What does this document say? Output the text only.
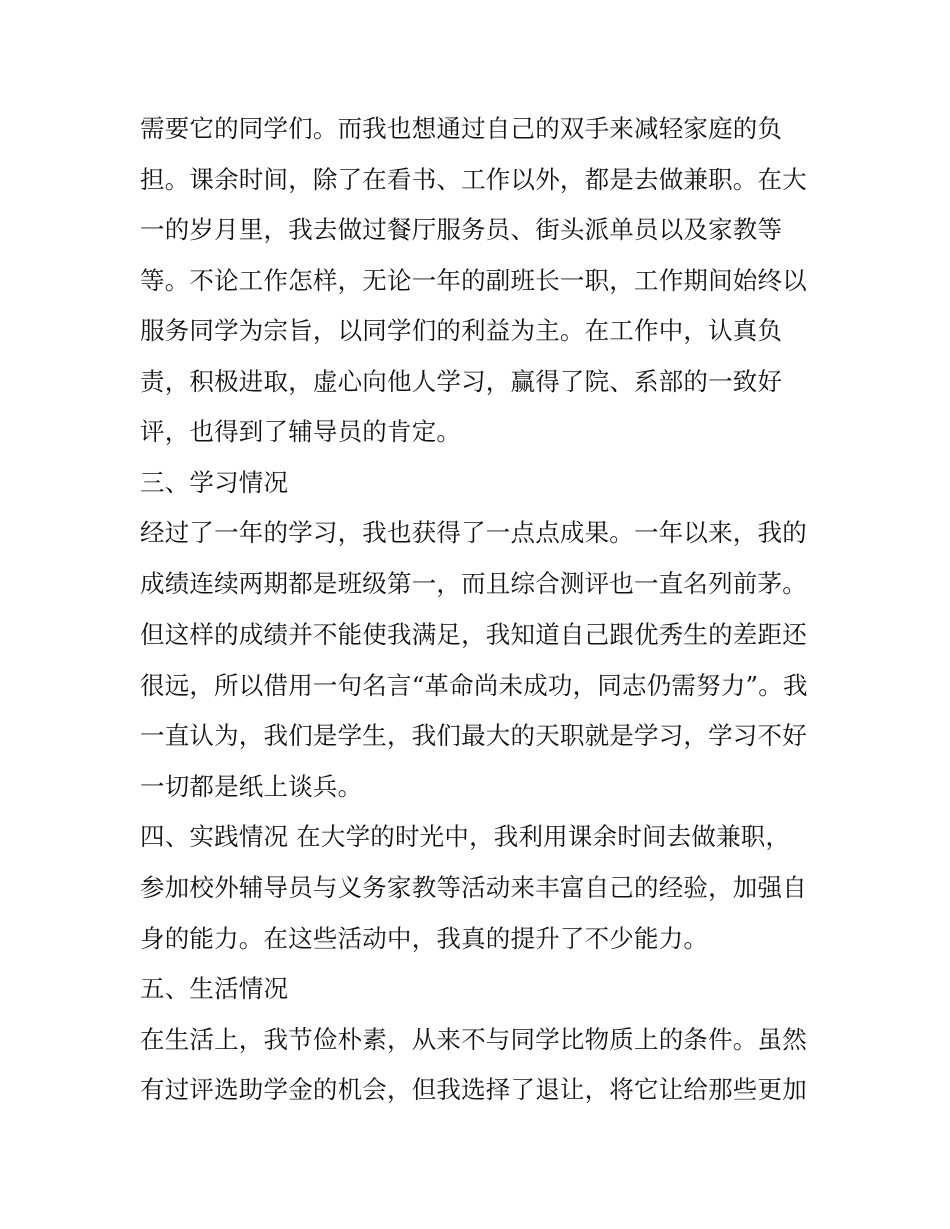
需要它的同学们。而我也想通过自己的双手来减轻家庭的负

担。课余时间，除了在看书、工作以外，都是去做兼职。在大

一的岁月里，我去做过餐厅服务员、街头派单员以及家教等

等。不论工作怎样，无论一年的副班长一职，工作期间始终以

服务同学为宗旨，以同学们的利益为主。在工作中，认真负

责，积极进取，虚心向他人学习，赢得了院、系部的一致好

评，也得到了辅导员的肯定。

三、学习情况

经过了一年的学习，我也获得了一点点成果。一年以来，我的

成绩连续两期都是班级第一，而且综合测评也一直名列前茅。

但这样的成绩并不能使我满足，我知道自己跟优秀生的差距还

很远，所以借用一句名言“革命尚未成功，同志仍需努力”。我

一直认为，我们是学生，我们最大的天职就是学习，学习不好

一切都是纸上谈兵。

四、实践情况 在大学的时光中，我利用课余时间去做兼职，

参加校外辅导员与义务家教等活动来丰富自己的经验，加强自

身的能力。在这些活动中，我真的提升了不少能力。

五、生活情况

在生活上，我节俭朴素，从来不与同学比物质上的条件。虽然

有过评选助学金的机会，但我选择了退让，将它让给那些更加
